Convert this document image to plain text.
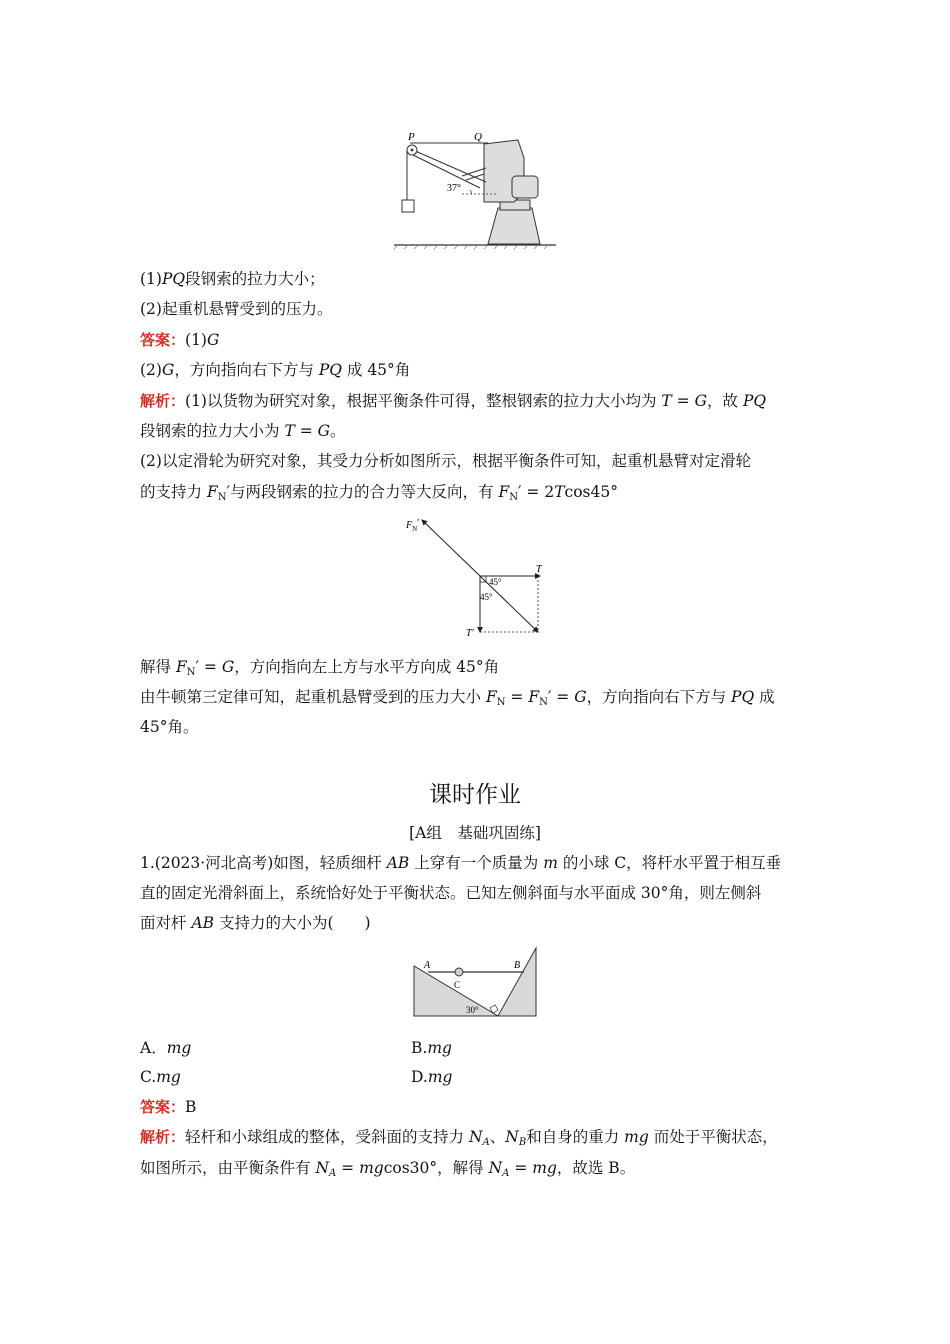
P	Q
37°
(1)PQ段钢索的拉力大小；
(2)起重机悬臂受到的压力。
答案：(1)G
(2)G，方向指向右下方与 PQ 成 45°角
解析：(1)以货物为研究对象，根据平衡条件可得，整根钢索的拉力大小均为 T = G，故 PQ
段钢索的拉力大小为 T = G。
(2)以定滑轮为研究对象，其受力分析如图所示，根据平衡条件可知，起重机悬臂对定滑轮
的支持力 $F_N'$与两段钢索的拉力的合力等大反向，有 $F_N' = 2Tcos45^\circ$
$F_N'$
T
T′
45°
45°
解得 $F_N' = G$，方向指向左上方与水平方向成 45°角
由牛顿第三定律可知，起重机悬臂受到的压力大小 $F_N = F_N' = G$，方向指向右下方与 PQ 成
45°角。
课时作业
[A组　基础巩固练]
1.(2023·河北高考)如图，轻质细杆 AB 上穿有一个质量为 m 的小球 C，将杆水平置于相互垂
直的固定光滑斜面上，系统恰好处于平衡状态。已知左侧斜面与水平面成 30°角，则左侧斜
面对杆 AB 支持力的大小为(　　)
A	B
C
30°
A．mg	B.mg
C.mg	D.mg
答案：B
解析：轻杆和小球组成的整体，受斜面的支持力 $N_A$、$N_B$和自身的重力 mg 而处于平衡状态，
如图所示，由平衡条件有 $N_A = mgcos30^\circ$，解得 $N_A$ = mg，故选 B。
